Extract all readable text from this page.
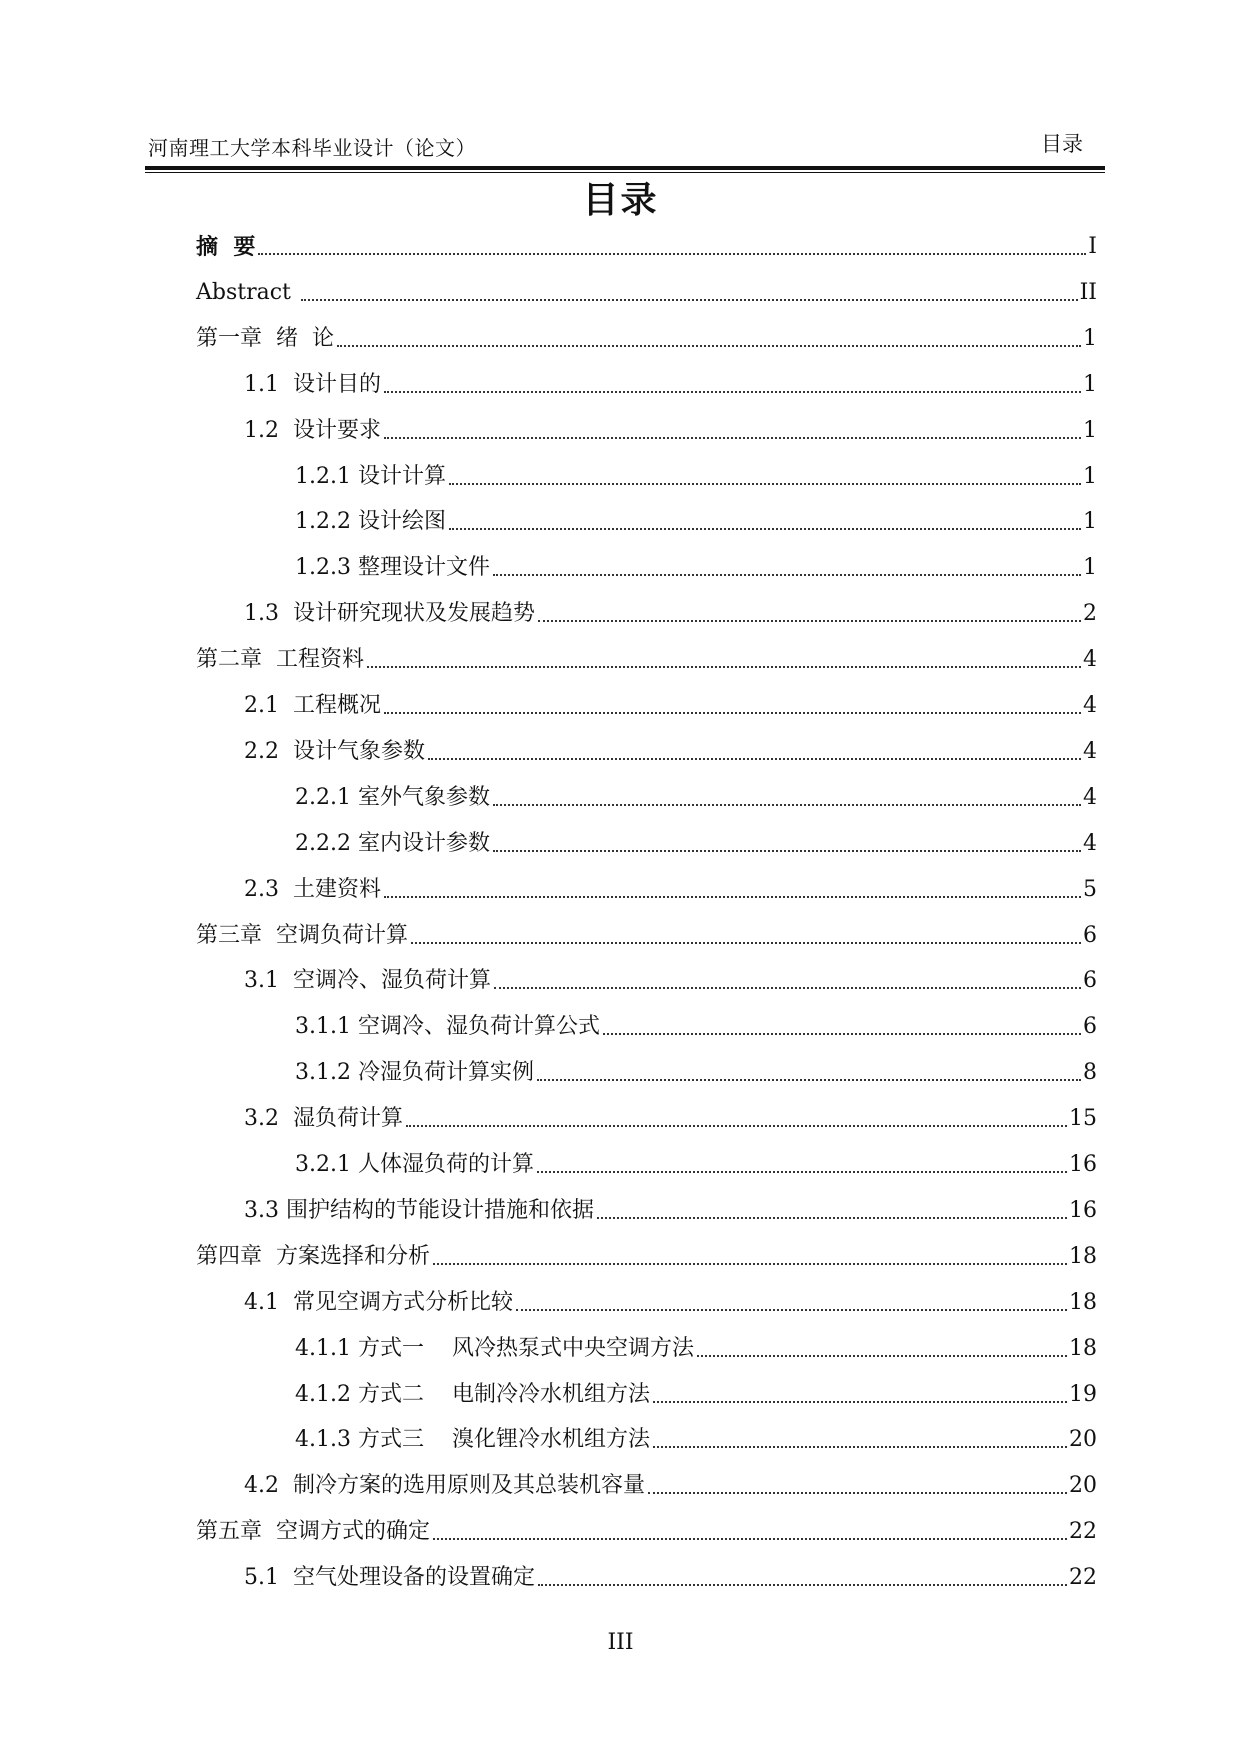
河南理工大学本科毕业设计（论文）	目录
目录
摘  要	I
Abstract	II
第一章  绪  论	1
1.1  设计目的	1
1.2  设计要求	1
1.2.1 设计计算	1
1.2.2 设计绘图	1
1.2.3 整理设计文件	1
1.3  设计研究现状及发展趋势	2
第二章  工程资料	4
2.1  工程概况	4
2.2  设计气象参数	4
2.2.1 室外气象参数	4
2.2.2 室内设计参数	4
2.3  土建资料	5
第三章  空调负荷计算	6
3.1  空调冷、湿负荷计算	6
3.1.1 空调冷、湿负荷计算公式	6
3.1.2 冷湿负荷计算实例	8
3.2  湿负荷计算	15
3.2.1 人体湿负荷的计算	16
3.3 围护结构的节能设计措施和依据	16
第四章  方案选择和分析	18
4.1  常见空调方式分析比较	18
4.1.1 方式一    风冷热泵式中央空调方法	18
4.1.2 方式二    电制冷冷水机组方法	19
4.1.3 方式三    溴化锂冷水机组方法	20
4.2  制冷方案的选用原则及其总装机容量	20
第五章  空调方式的确定	22
5.1  空气处理设备的设置确定	22
III
